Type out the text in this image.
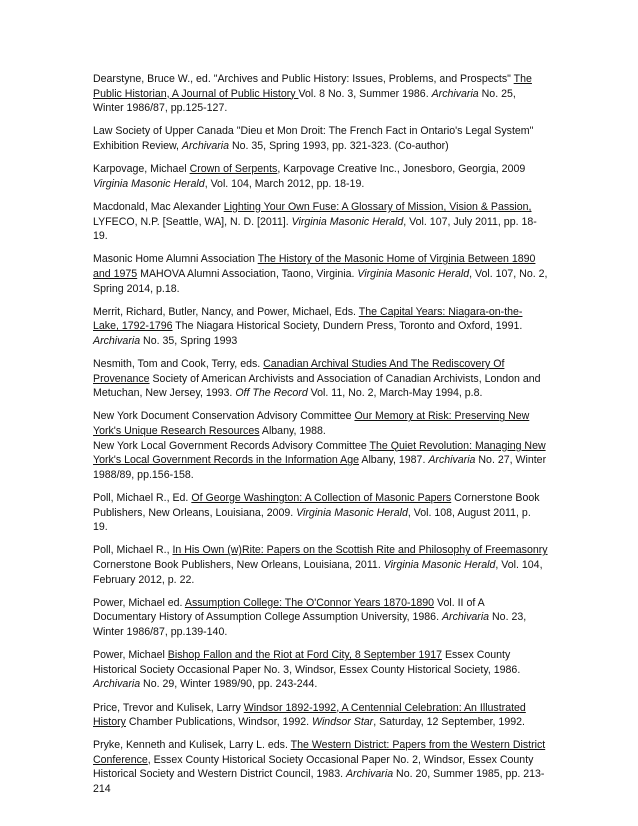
Dearstyne, Bruce W., ed. "Archives and Public History: Issues, Problems, and Prospects" The Public Historian, A Journal of Public History Vol. 8 No. 3, Summer 1986. Archivaria No. 25, Winter 1986/87, pp.125-127.
Law Society of Upper Canada "Dieu et Mon Droit: The French Fact in Ontario's Legal System" Exhibition Review, Archivaria No. 35, Spring 1993, pp. 321-323. (Co-author)
Karpovage, Michael Crown of Serpents, Karpovage Creative Inc., Jonesboro, Georgia, 2009 Virginia Masonic Herald, Vol. 104, March 2012, pp. 18-19.
Macdonald, Mac Alexander Lighting Your Own Fuse: A Glossary of Mission, Vision & Passion, LYFECO, N.P. [Seattle, WA], N. D. [2011]. Virginia Masonic Herald, Vol. 107, July 2011, pp. 18-19.
Masonic Home Alumni Association The History of the Masonic Home of Virginia Between 1890 and 1975 MAHOVA Alumni Association, Taono, Virginia. Virginia Masonic Herald, Vol. 107, No. 2, Spring 2014, p.18.
Merrit, Richard, Butler, Nancy, and Power, Michael, Eds. The Capital Years: Niagara-on-the-Lake, 1792-1796 The Niagara Historical Society, Dundern Press, Toronto and Oxford, 1991. Archivaria No. 35, Spring 1993
Nesmith, Tom and Cook, Terry, eds. Canadian Archival Studies And The Rediscovery Of Provenance Society of American Archivists and Association of Canadian Archivists, London and Metuchan, New Jersey, 1993. Off The Record Vol. 11, No. 2, March-May 1994, p.8.
New York Document Conservation Advisory Committee Our Memory at Risk: Preserving New York's Unique Research Resources Albany, 1988.
New York Local Government Records Advisory Committee The Quiet Revolution: Managing New York's Local Government Records in the Information Age Albany, 1987. Archivaria No. 27, Winter 1988/89, pp.156-158.
Poll, Michael R., Ed. Of George Washington: A Collection of Masonic Papers Cornerstone Book Publishers, New Orleans, Louisiana, 2009. Virginia Masonic Herald, Vol. 108, August 2011, p. 19.
Poll, Michael R., In His Own (w)Rite: Papers on the Scottish Rite and Philosophy of Freemasonry Cornerstone Book Publishers, New Orleans, Louisiana, 2011. Virginia Masonic Herald, Vol. 104, February 2012, p. 22.
Power, Michael ed. Assumption College: The O'Connor Years 1870-1890 Vol. II of A Documentary History of Assumption College Assumption University, 1986. Archivaria No. 23, Winter 1986/87, pp.139-140.
Power, Michael Bishop Fallon and the Riot at Ford City, 8 September 1917 Essex County Historical Society Occasional Paper No. 3, Windsor, Essex County Historical Society, 1986. Archivaria No. 29, Winter 1989/90, pp. 243-244.
Price, Trevor and Kulisek, Larry Windsor 1892-1992, A Centennial Celebration: An Illustrated History Chamber Publications, Windsor, 1992. Windsor Star, Saturday, 12 September, 1992.
Pryke, Kenneth and Kulisek, Larry L. eds. The Western District: Papers from the Western District Conference, Essex County Historical Society Occasional Paper No. 2, Windsor, Essex County Historical Society and Western District Council, 1983. Archivaria No. 20, Summer 1985, pp. 213-214
